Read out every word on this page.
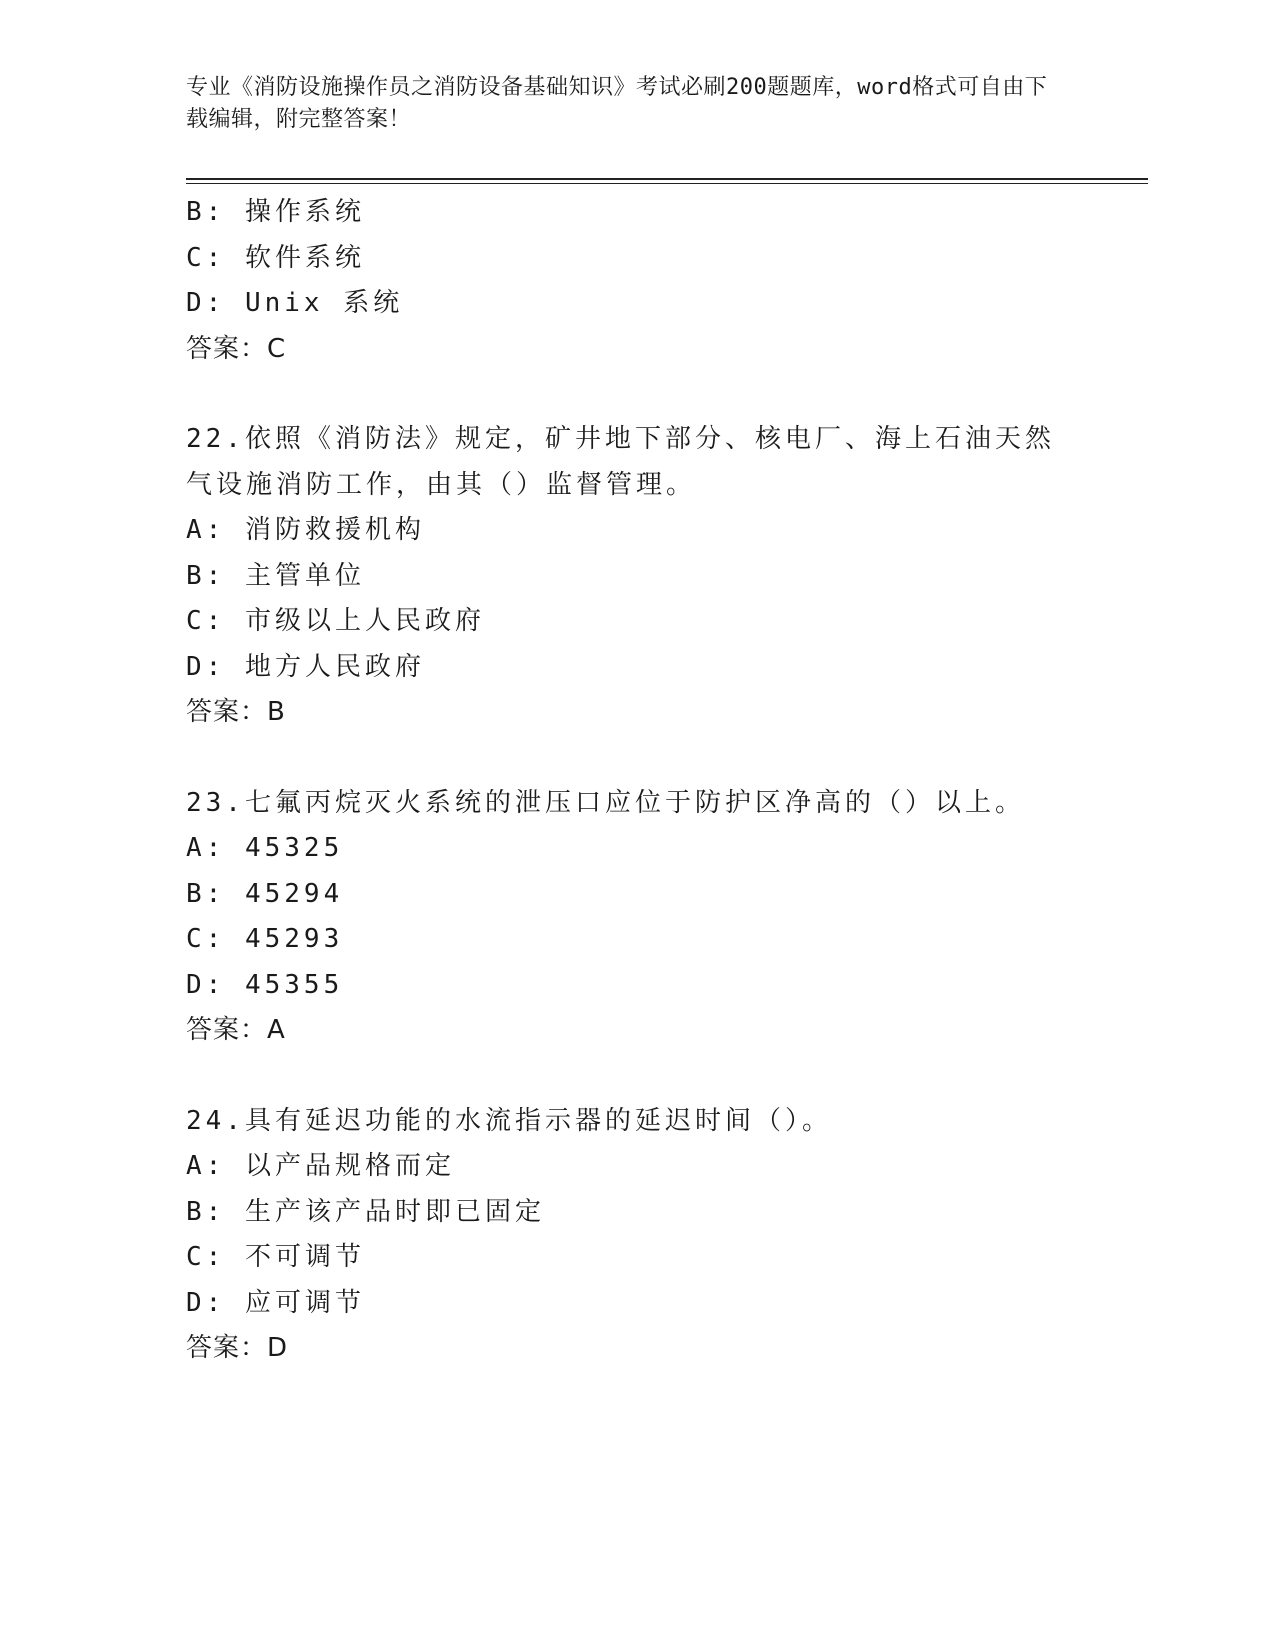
专业《消防设施操作员之消防设备基础知识》考试必刷200题题库，word格式可自由下载编辑，附完整答案！
B: 操作系统
C: 软件系统
D: Unix 系统
答案：C
22.依照《消防法》规定，矿井地下部分、核电厂、海上石油天然气设施消防工作，由其（）监督管理。
A: 消防救援机构
B: 主管单位
C: 市级以上人民政府
D: 地方人民政府
答案：B
23.七氟丙烷灭火系统的泄压口应位于防护区净高的（）以上。
A: 45325
B: 45294
C: 45293
D: 45355
答案：A
24.具有延迟功能的水流指示器的延迟时间（）。
A: 以产品规格而定
B: 生产该产品时即已固定
C: 不可调节
D: 应可调节
答案：D
